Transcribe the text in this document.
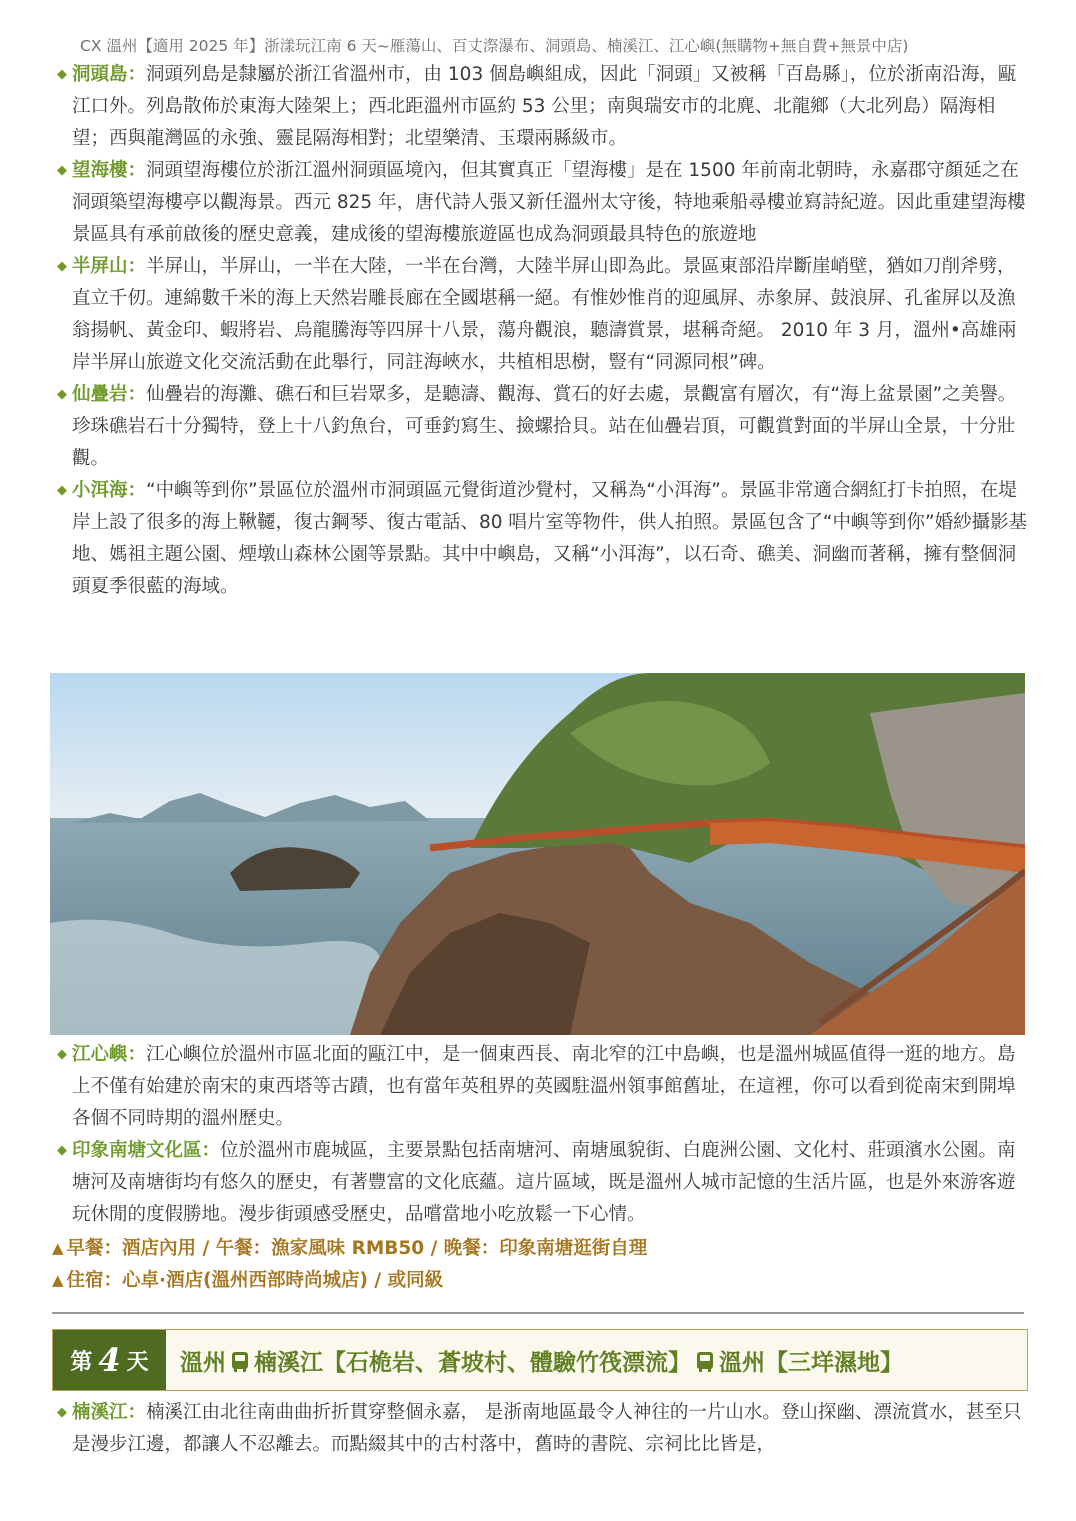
CX 溫州【適用 2025 年】浙漾玩江南 6 天~雁蕩山、百丈漈瀑布、洞頭島、楠溪江、江心嶼(無購物+無自費+無景中店)

◆ 洞頭島：洞頭列島是隸屬於浙江省溫州市，由 103 個島嶼組成，因此「洞頭」又被稱「百島縣」，位於浙南沿海，甌江口外。列島散佈於東海大陸架上；西北距溫州市區約 53 公里；南與瑞安市的北麂、北龍鄉（大北列島）隔海相望；西與龍灣區的永強、靈昆隔海相對；北望樂清、玉環兩縣級市。

◆ 望海樓：洞頭望海樓位於浙江溫州洞頭區境內，但其實真正「望海樓」是在 1500 年前南北朝時，永嘉郡守顏延之在洞頭築望海樓亭以觀海景。西元 825 年，唐代詩人張又新任溫州太守後，特地乘船尋樓並寫詩紀遊。因此重建望海樓景區具有承前啟後的歷史意義，建成後的望海樓旅遊區也成為洞頭最具特色的旅遊地

◆ 半屏山：半屏山，半屏山，一半在大陸，一半在台灣，大陸半屏山即為此。景區東部沿岸斷崖峭壁，猶如刀削斧劈，直立千仞。連綿數千米的海上天然岩雕長廊在全國堪稱一絕。有惟妙惟肖的迎風屏、赤象屏、鼓浪屏、孔雀屏以及漁翁揚帆、黃金印、蝦將岩、烏龍騰海等四屏十八景，蕩舟觀浪，聽濤賞景，堪稱奇絕。 2010 年 3 月，溫州•高雄兩岸半屏山旅遊文化交流活動在此舉行，同註海峽水，共植相思樹，豎有“同源同根”碑。

◆ 仙疊岩：仙疊岩的海灘、礁石和巨岩眾多，是聽濤、觀海、賞石的好去處，景觀富有層次，有“海上盆景園”之美譽。珍珠礁岩石十分獨特，登上十八釣魚台，可垂釣寫生、撿螺拾貝。站在仙疊岩頂，可觀賞對面的半屏山全景，十分壯觀。

◆ 小洱海：“中嶼等到你”景區位於溫州市洞頭區元覺街道沙覺村，又稱為“小洱海”。景區非常適合網紅打卡拍照，在堤岸上設了很多的海上鞦韆，復古鋼琴、復古電話、80 唱片室等物件，供人拍照。景區包含了“中嶼等到你”婚紗攝影基地、媽祖主題公園、煙墩山森林公園等景點。其中中嶼島，又稱“小洱海”，以石奇、礁美、洞幽而著稱，擁有整個洞頭夏季很藍的海域。

◆ 江心嶼：江心嶼位於溫州市區北面的甌江中，是一個東西長、南北窄的江中島嶼，也是溫州城區值得一逛的地方。島上不僅有始建於南宋的東西塔等古蹟，也有當年英租界的英國駐溫州領事館舊址，在這裡，你可以看到從南宋到開埠各個不同時期的溫州歷史。

◆ 印象南塘文化區：位於溫州市鹿城區，主要景點包括南塘河、南塘風貌街、白鹿洲公園、文化村、莊頭濱水公園。南塘河及南塘街均有悠久的歷史，有著豐富的文化底蘊。這片區域，既是溫州人城市記憶的生活片區，也是外來游客遊玩休閒的度假勝地。漫步街頭感受歷史，品嚐當地小吃放鬆一下心情。

▲ 早餐：酒店內用 / 午餐：漁家風味 RMB50 / 晚餐：印象南塘逛街自理
▲ 住宿：心卓·酒店(溫州西部時尚城店) / 或同級
第 4 天 溫州 楠溪江【石桅岩、蒼坡村、體驗竹筏漂流】 溫州【三垟濕地】

◆ 楠溪江：楠溪江由北往南曲曲折折貫穿整個永嘉， 是浙南地區最令人神往的一片山水。登山探幽、漂流賞水，甚至只是漫步江邊，都讓人不忍離去。而點綴其中的古村落中，舊時的書院、宗祠比比皆是，
